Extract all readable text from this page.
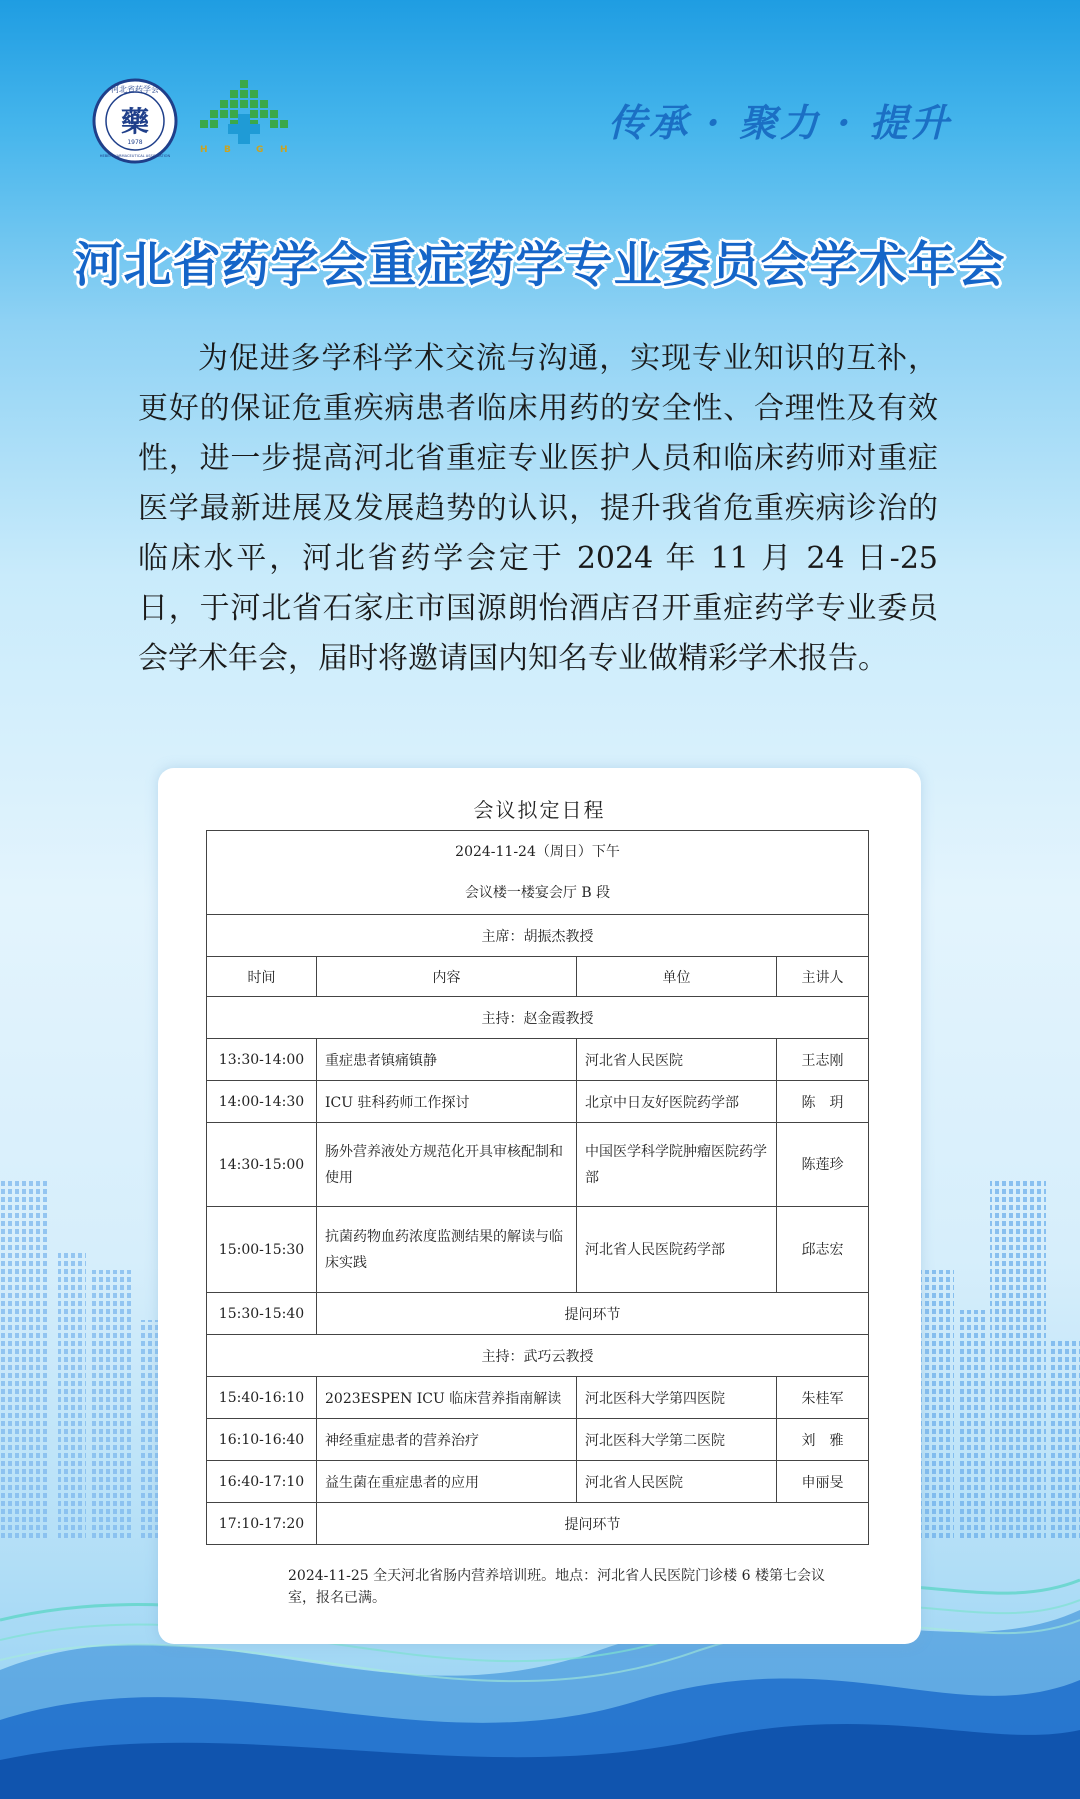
河北省药学会
藥
1978
HEBEI PHARMACEUTICAL ASSOCIATION
H B	G H
传承 · 聚力 · 提升
河北省药学会重症药学专业委员会学术年会
为促进多学科学术交流与沟通，实现专业知识的互补，更好的保证危重疾病患者临床用药的安全性、合理性及有效性，进一步提高河北省重症专业医护人员和临床药师对重症医学最新进展及发展趋势的认识，提升我省危重疾病诊治的临床水平，河北省药学会定于 2024 年 11 月 24 日-25 日，于河北省石家庄市国源朗怡酒店召开重症药学专业委员会学术年会，届时将邀请国内知名专业做精彩学术报告。
会议拟定日程
2024-11-24（周日）下午			
会议楼一楼宴会厅 B 段			
主席：胡振杰教授			
时间	内容	单位	主讲人
主持：赵金霞教授			
13:30-14:00	重症患者镇痛镇静	河北省人民医院	王志刚
14:00-14:30	ICU 驻科药师工作探讨	北京中日友好医院药学部	陈　玥
14:30-15:00	肠外营养液处方规范化开具审核配制和使用	中国医学科学院肿瘤医院药学部	陈莲珍
15:00-15:30	抗菌药物血药浓度监测结果的解读与临床实践	河北省人民医院药学部	邱志宏
15:30-15:40	提问环节		
主持：武巧云教授			
15:40-16:10	2023ESPEN ICU 临床营养指南解读	河北医科大学第四医院	朱桂军
16:10-16:40	神经重症患者的营养治疗	河北医科大学第二医院	刘　雅
16:40-17:10	益生菌在重症患者的应用	河北省人民医院	申丽旻
17:10-17:20	提问环节		
2024-11-25 全天河北省肠内营养培训班。地点：河北省人民医院门诊楼 6 楼第七会议室，报名已满。
